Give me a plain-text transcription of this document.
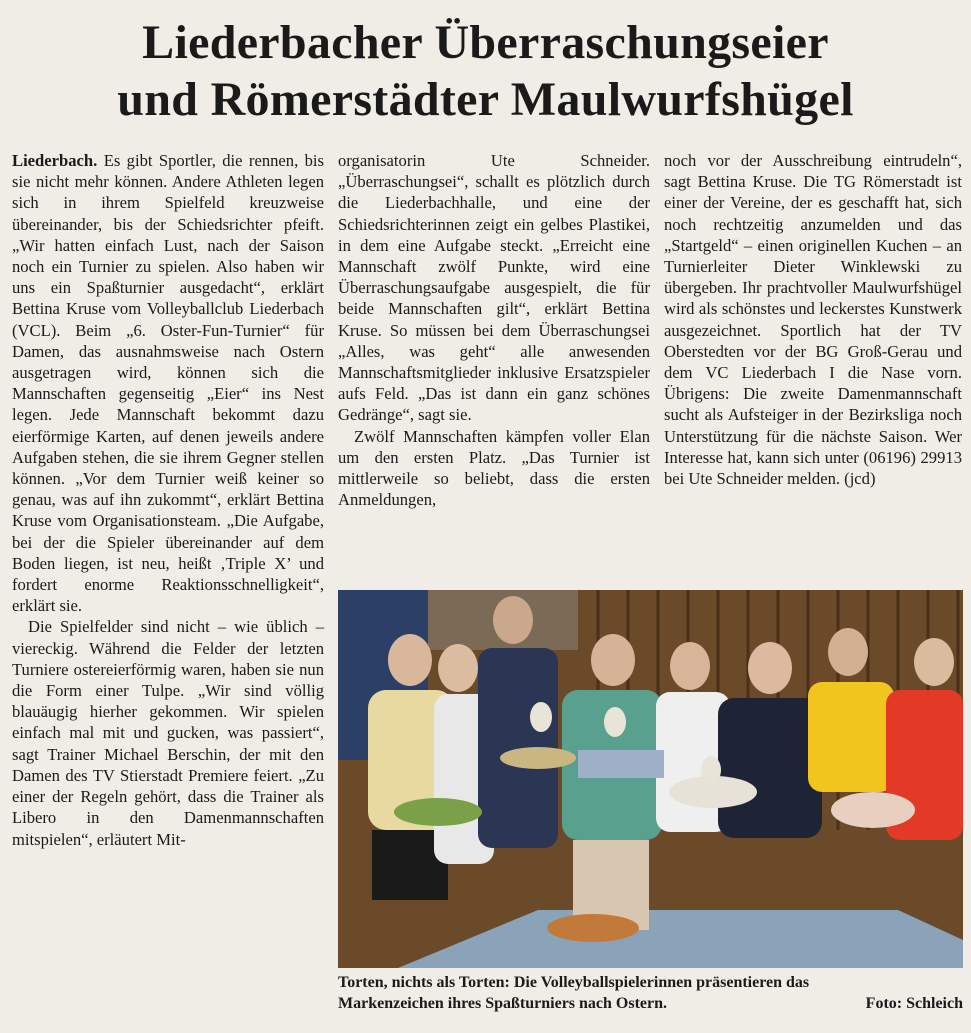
Liederbacher Überraschungseier
und Römerstädter Maulwurfshügel

Liederbach. Es gibt Sportler, die rennen, bis sie nicht mehr können. Andere Athleten legen sich in ihrem Spielfeld kreuzweise übereinander, bis der Schiedsrichter pfeift. „Wir hatten einfach Lust, nach der Saison noch ein Turnier zu spielen. Also haben wir uns ein Spaßturnier ausgedacht“, erklärt Bettina Kruse vom Volleyballclub Liederbach (VCL). Beim „6. Oster-Fun-Turnier“ für Damen, das ausnahmsweise nach Ostern ausgetragen wird, können sich die Mannschaften gegenseitig „Eier“ ins Nest legen. Jede Mannschaft bekommt dazu eierförmige Karten, auf denen jeweils andere Aufgaben stehen, die sie ihrem Gegner stellen können. „Vor dem Turnier weiß keiner so genau, was auf ihn zukommt“, erklärt Bettina Kruse vom Organisationsteam. „Die Aufgabe, bei der die Spieler übereinander auf dem Boden liegen, ist neu, heißt ‚Triple X’ und fordert enorme Reaktionsschnelligkeit“, erklärt sie.

Die Spielfelder sind nicht – wie üblich – viereckig. Während die Felder der letzten Turniere ostereierförmig waren, haben sie nun die Form einer Tulpe. „Wir sind völlig blauäugig hierher gekommen. Wir spielen einfach mal mit und gucken, was passiert“, sagt Trainer Michael Berschin, der mit den Damen des TV Stierstadt Premiere feiert. „Zu einer der Regeln gehört, dass die Trainer als Libero in den Damenmannschaften mitspielen“, erläutert Mit-

organisatorin Ute Schneider. „Überraschungsei“, schallt es plötzlich durch die Liederbachhalle, und eine der Schiedsrichterinnen zeigt ein gelbes Plastikei, in dem eine Aufgabe steckt. „Erreicht eine Mannschaft zwölf Punkte, wird eine Überraschungsaufgabe ausgespielt, die für beide Mannschaften gilt“, erklärt Bettina Kruse. So müssen bei dem Überraschungsei „Alles, was geht“ alle anwesenden Mannschaftsmitglieder inklusive Ersatzspieler aufs Feld. „Das ist dann ein ganz schönes Gedränge“, sagt sie.

Zwölf Mannschaften kämpfen voller Elan um den ersten Platz. „Das Turnier ist mittlerweile so beliebt, dass die ersten Anmeldungen,

noch vor der Ausschreibung eintrudeln“, sagt Bettina Kruse. Die TG Römerstadt ist einer der Vereine, der es geschafft hat, sich noch rechtzeitig anzumelden und das „Startgeld“ – einen originellen Kuchen – an Turnierleiter Dieter Winklewski zu übergeben. Ihr prachtvoller Maulwurfshügel wird als schönstes und leckerstes Kunstwerk ausgezeichnet. Sportlich hat der TV Oberstedten vor der BG Groß-Gerau und dem VC Liederbach I die Nase vorn. Übrigens: Die zweite Damenmannschaft sucht als Aufsteiger in der Bezirksliga noch Unterstützung für die nächste Saison. Wer Interesse hat, kann sich unter (06196) 29913 bei Ute Schneider melden. (jcd)

Torten, nichts als Torten: Die Volleyballspielerinnen präsentieren das
Markenzeichen ihres Spaßturniers nach Ostern.	Foto: Schleich
